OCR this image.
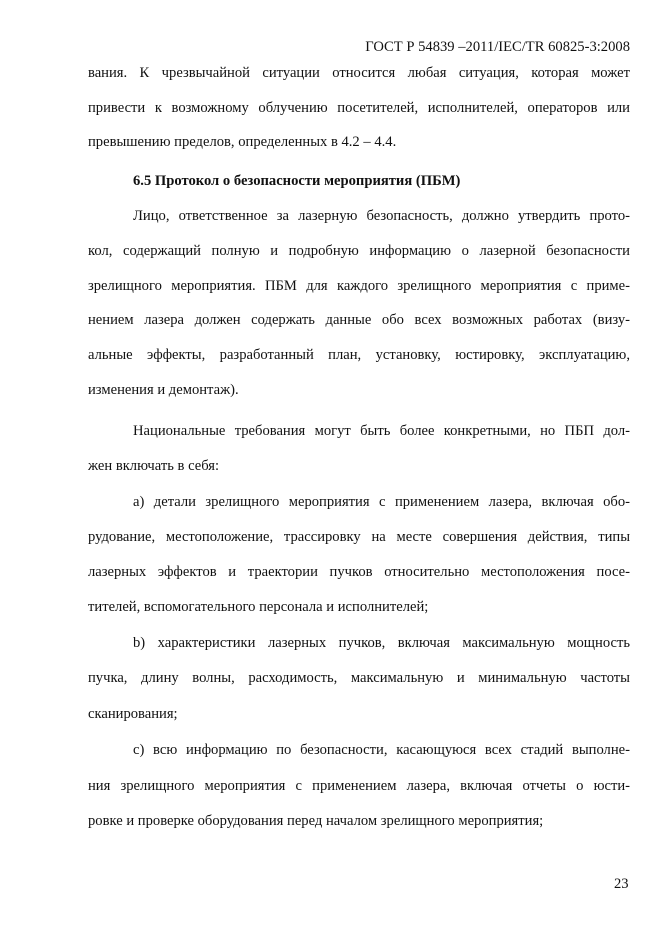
ГОСТ Р 54839 –2011/IEC/TR 60825-3:2008
вания. К чрезвычайной ситуации относится любая ситуация, которая может
привести к возможному облучению посетителей, исполнителей, операторов или
превышению пределов, определенных в 4.2 – 4.4.
6.5 Протокол о безопасности мероприятия (ПБМ)
Лицо, ответственное за лазерную безопасность, должно утвердить прото-
кол, содержащий полную и подробную информацию о лазерной безопасности
зрелищного мероприятия. ПБМ для каждого зрелищного мероприятия с приме-
нением лазера должен содержать данные обо всех возможных работах (визу-
альные эффекты, разработанный план, установку, юстировку, эксплуатацию,
изменения и демонтаж).
Национальные требования могут быть более конкретными, но ПБП дол-
жен включать в себя:
а) детали зрелищного мероприятия с применением лазера, включая обо-
рудование, местоположение, трассировку на месте совершения действия, типы
лазерных эффектов и траектории пучков относительно местоположения посе-
тителей, вспомогательного персонала и исполнителей;
b) характеристики лазерных пучков, включая максимальную мощность
пучка, длину волны, расходимость, максимальную и минимальную частоты
сканирования;
c) всю информацию по безопасности, касающуюся всех стадий выполне-
ния зрелищного мероприятия с применением лазера, включая отчеты о юсти-
ровке и проверке оборудования перед началом зрелищного мероприятия;
23
